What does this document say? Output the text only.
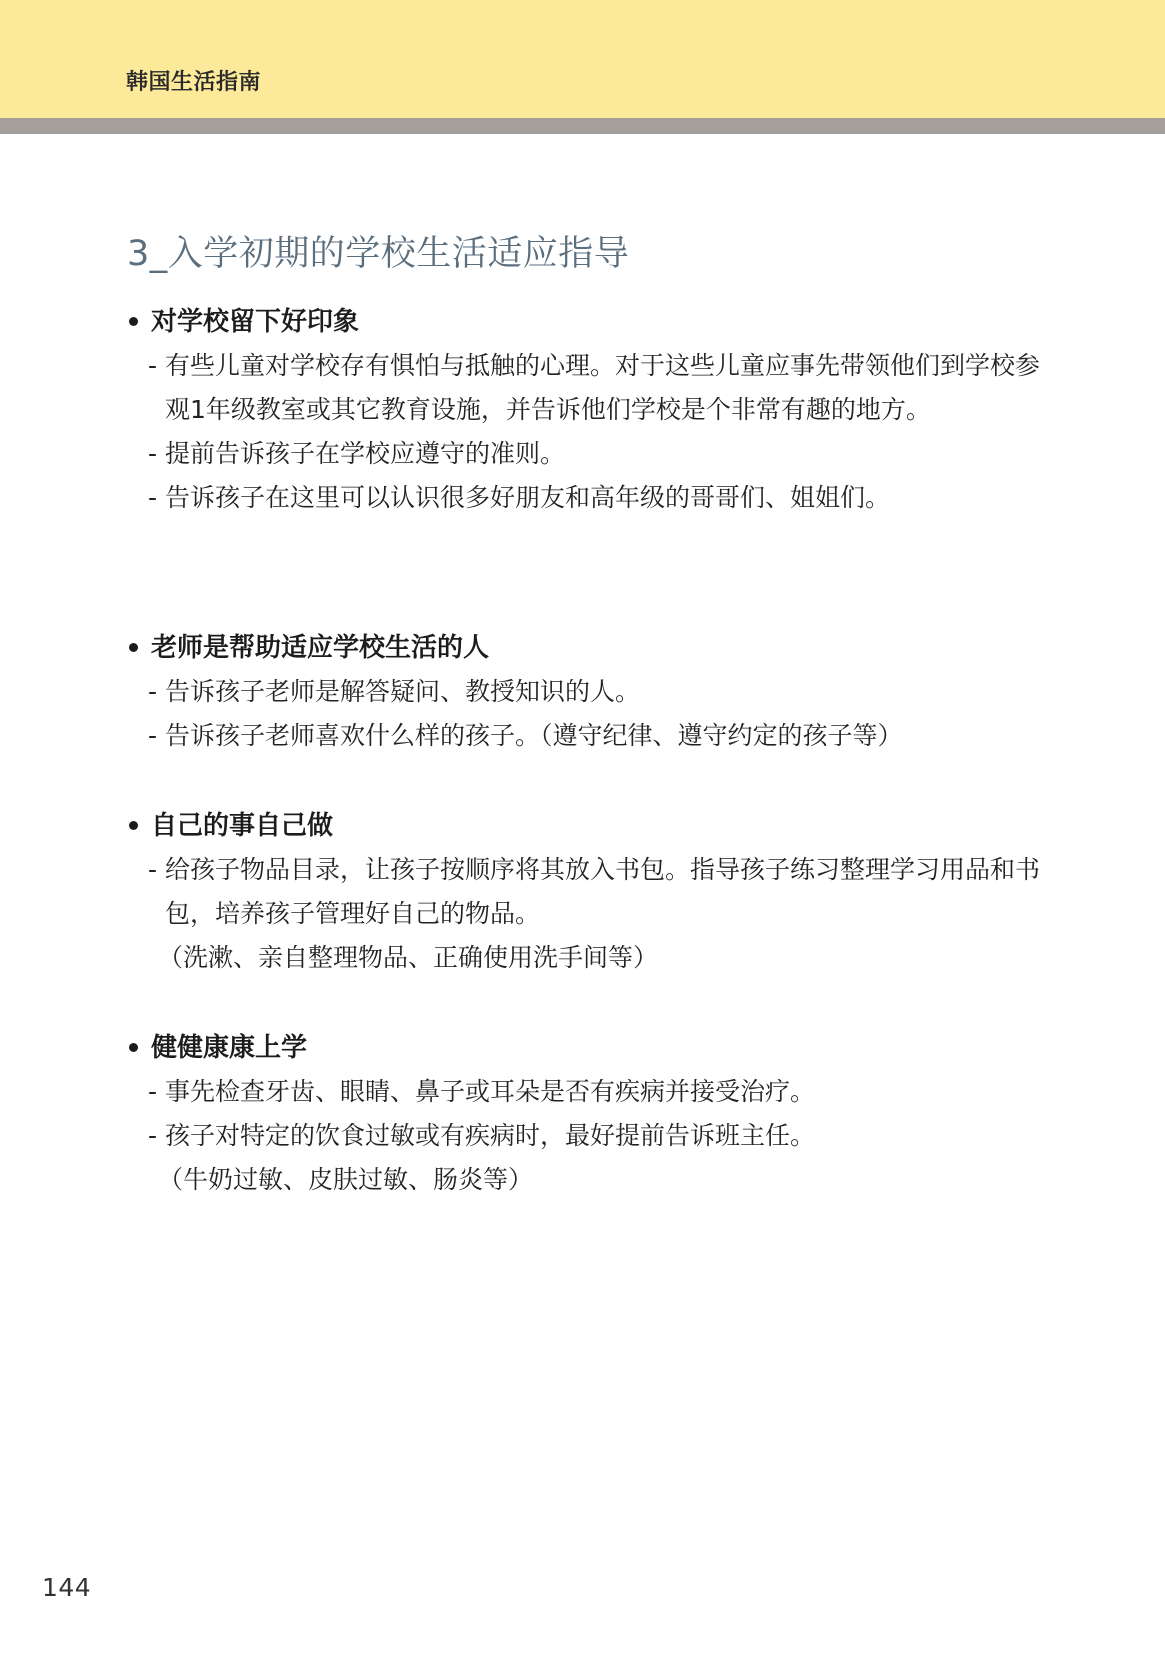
韩国生活指南
3_入学初期的学校生活适应指导
对学校留下好印象
- 有些儿童对学校存有惧怕与抵触的心理。对于这些儿童应事先带领他们到学校参观1年级教室或其它教育设施，并告诉他们学校是个非常有趣的地方。
- 提前告诉孩子在学校应遵守的准则。
- 告诉孩子在这里可以认识很多好朋友和高年级的哥哥们、姐姐们。
老师是帮助适应学校生活的人
- 告诉孩子老师是解答疑问、教授知识的人。
- 告诉孩子老师喜欢什么样的孩子。（遵守纪律、遵守约定的孩子等）
自己的事自己做
- 给孩子物品目录，让孩子按顺序将其放入书包。指导孩子练习整理学习用品和书包，培养孩子管理好自己的物品。
（洗漱、亲自整理物品、正确使用洗手间等）
健健康康上学
- 事先检查牙齿、眼睛、鼻子或耳朵是否有疾病并接受治疗。
- 孩子对特定的饮食过敏或有疾病时，最好提前告诉班主任。
（牛奶过敏、皮肤过敏、肠炎等）
144
